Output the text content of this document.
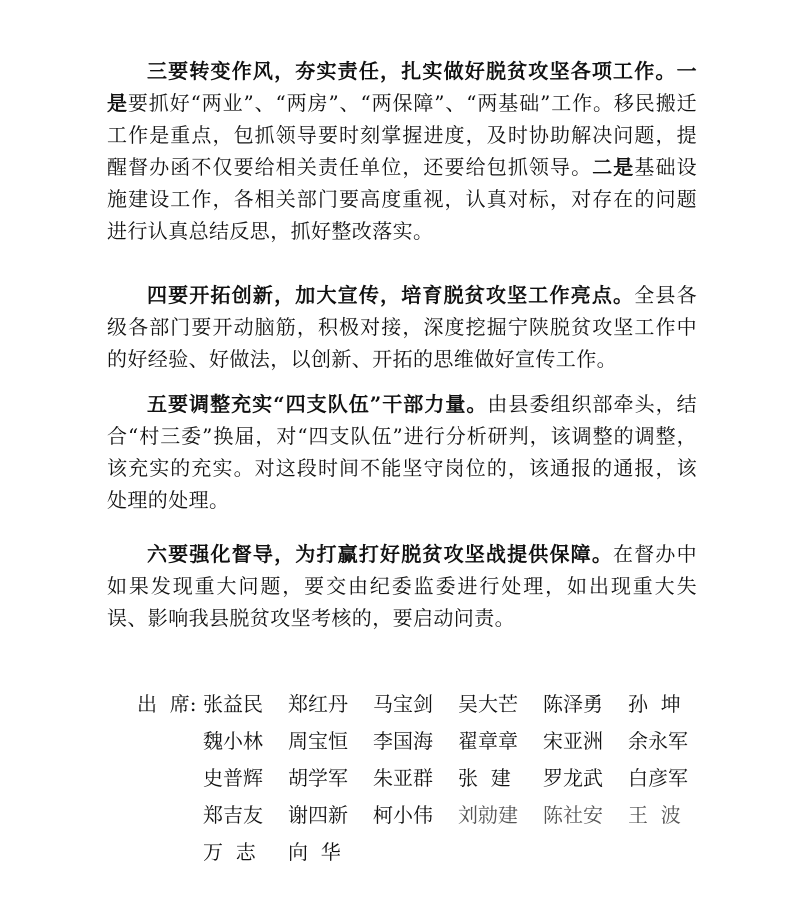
三要转变作风，夯实责任，扎实做好脱贫攻坚各项工作。一是要抓好“两业”、“两房”、“两保障”、“两基础”工作。移民搬迁工作是重点，包抓领导要时刻掌握进度，及时协助解决问题，提醒督办函不仅要给相关责任单位，还要给包抓领导。二是基础设施建设工作，各相关部门要高度重视，认真对标，对存在的问题进行认真总结反思，抓好整改落实。

四要开拓创新，加大宣传，培育脱贫攻坚工作亮点。全县各级各部门要开动脑筋，积极对接，深度挖掘宁陕脱贫攻坚工作中的好经验、好做法，以创新、开拓的思维做好宣传工作。

五要调整充实“四支队伍”干部力量。由县委组织部牵头，结合“村三委”换届，对“四支队伍”进行分析研判，该调整的调整，该充实的充实。对这段时间不能坚守岗位的，该通报的通报，该处理的处理。

六要强化督导，为打赢打好脱贫攻坚战提供保障。在督办中如果发现重大问题，要交由纪委监委进行处理，如出现重大失误、影响我县脱贫攻坚考核的，要启动问责。

出  席: 张益民	郑红丹	马宝剑	吴大芒	陈泽勇	孙  坤
魏小林	周宝恒	李国海	翟章章	宋亚洲	余永军
史普辉	胡学军	朱亚群	张  建	罗龙武	白彦军
郑吉友	谢四新	柯小伟	刘勍建	陈社安	王  波
万  志	向  华
